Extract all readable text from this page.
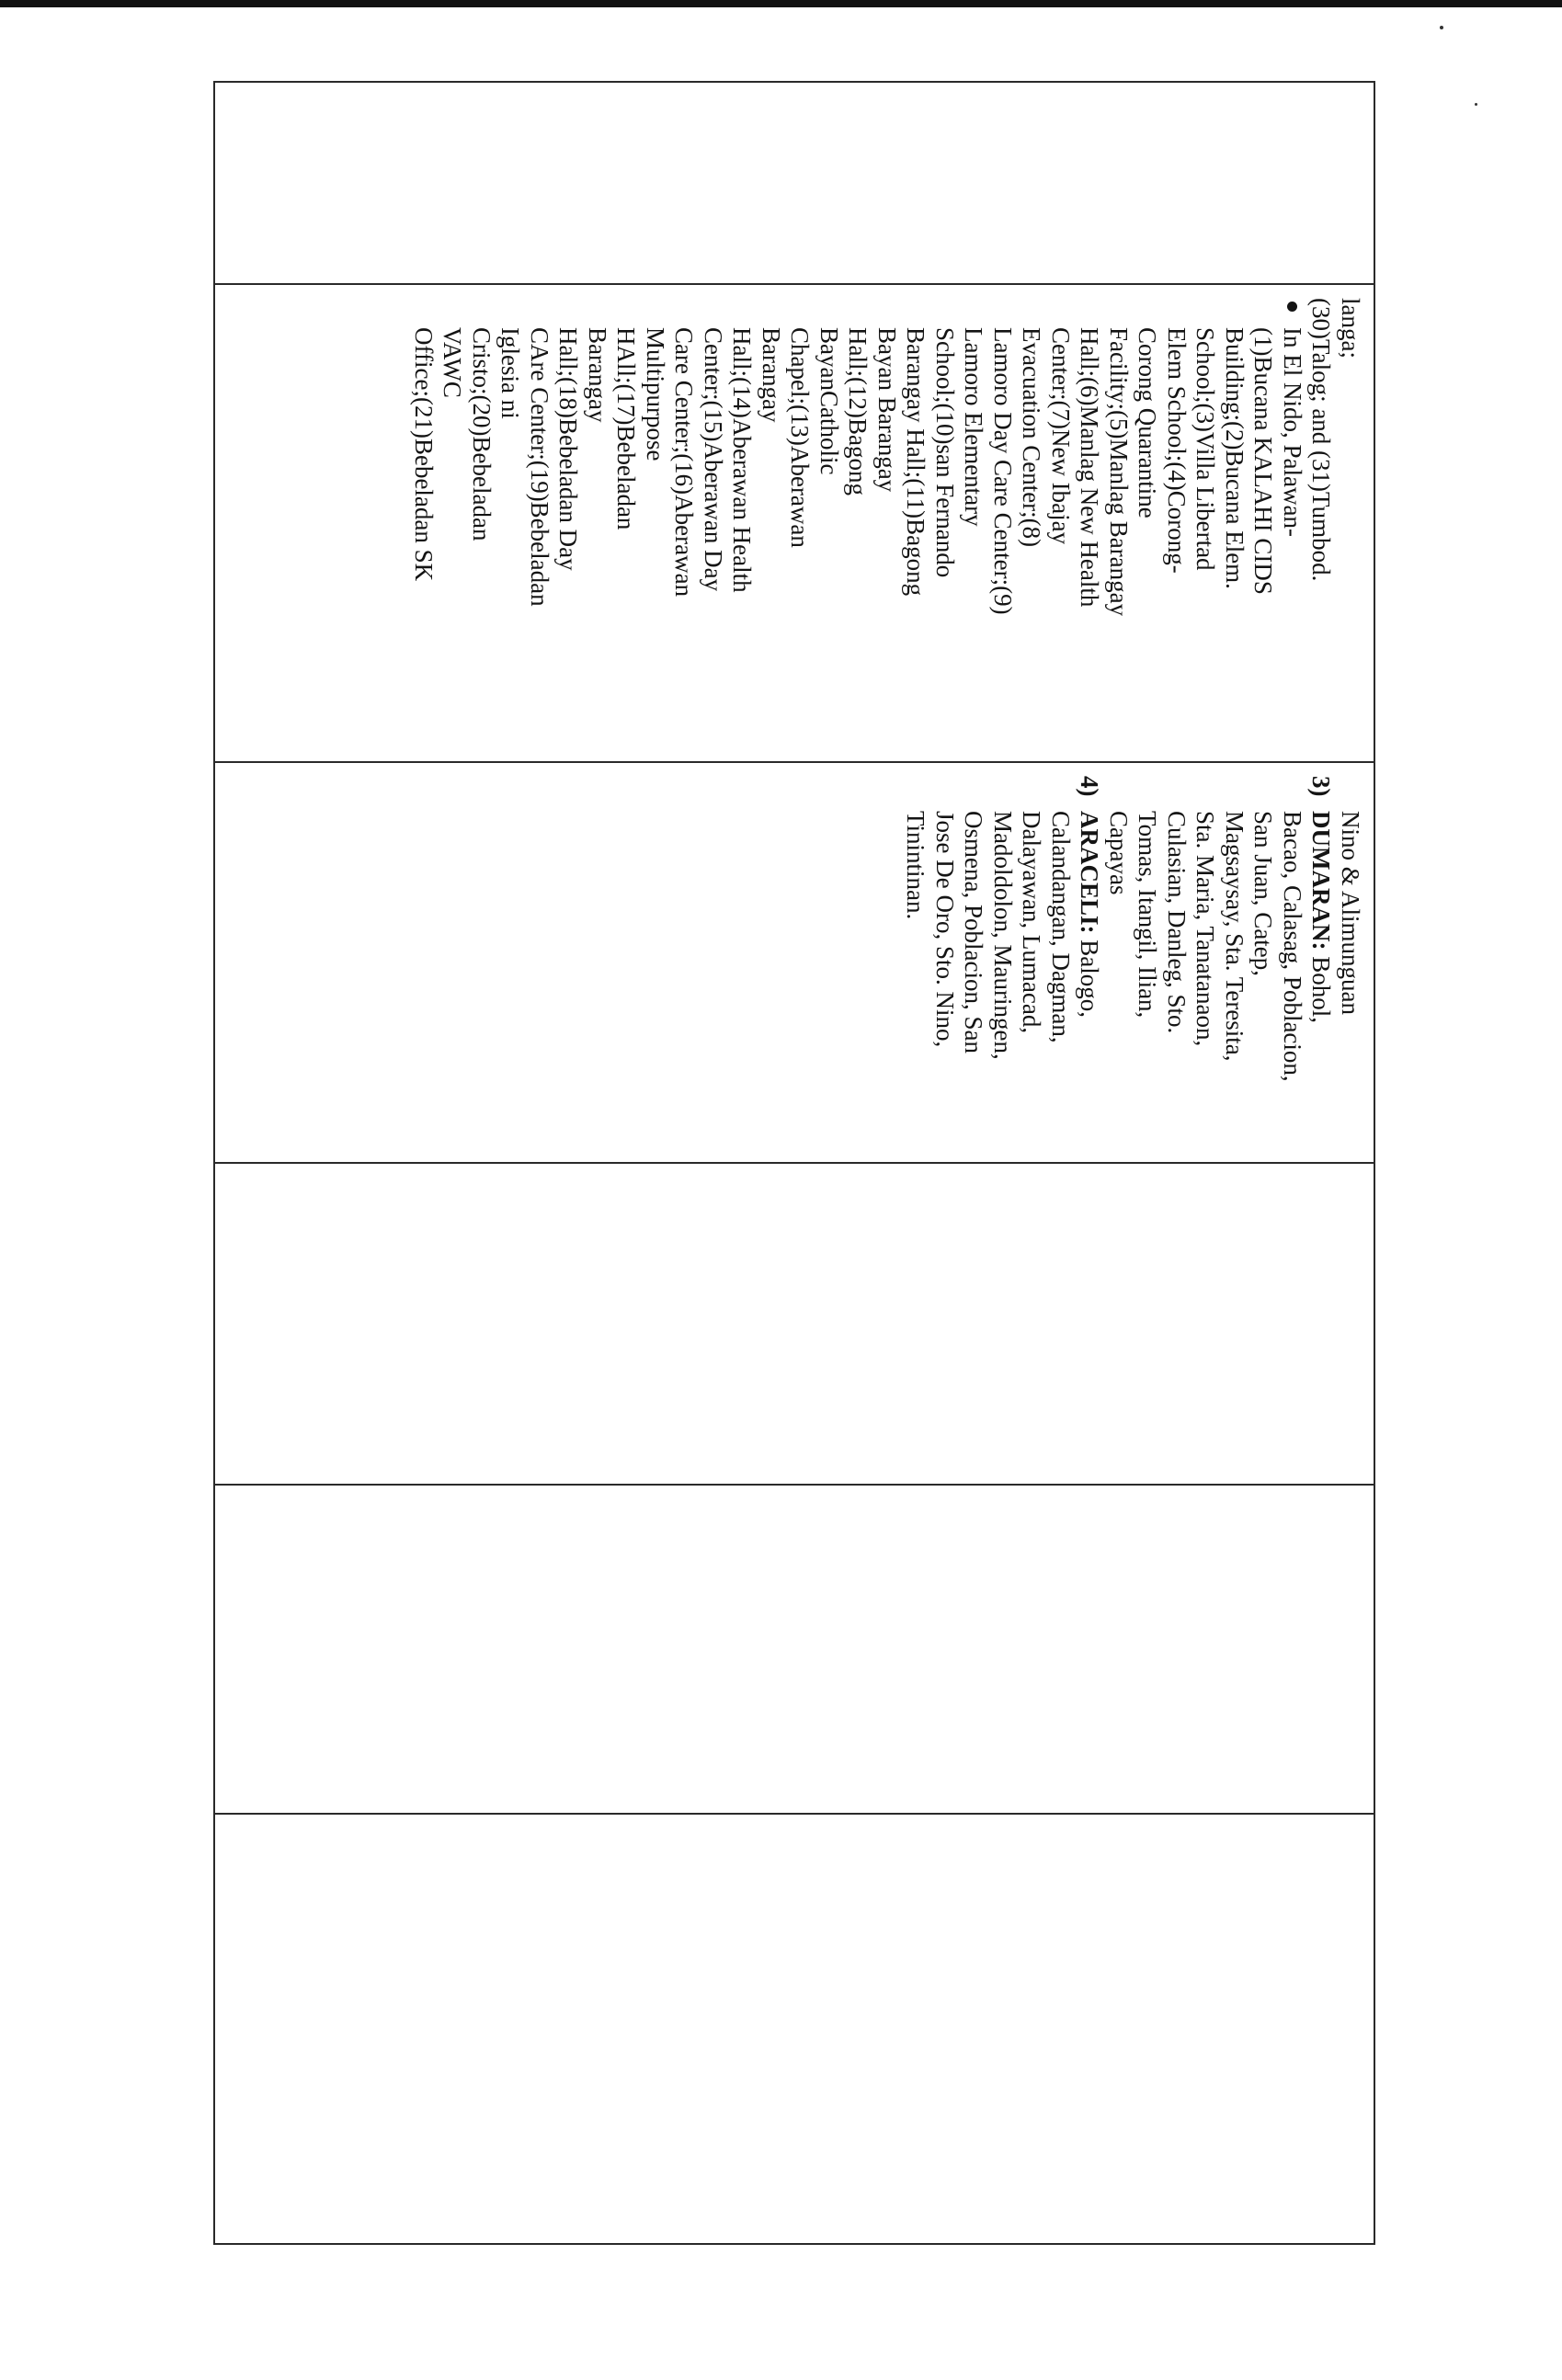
langa;
(30)Talog; and (31)Tumbod.
In El Nido, Palawan-
(1)Bucana KALAHI CIDS
Building;(2)Bucana Elem.
School;(3)Villa Libertad
Elem School;(4)Corong-
Corong Quarantine
Facility;(5)Manlag Barangay
Hall;(6)Manlag New Health
Center;(7)New Ibajay
Evacuation Center;(8)
Lamoro Day Care Center;(9)
Lamoro Elementary
School;(10)san Fernando
Barangay Hall;(11)Bagong
Bayan Barangay
Hall;(12)Bagong
BayanCatholic
Chapel;(13)Aberawan
Barangay
Hall;(14)Aberawan Health
Center;(15)Aberawan Day
Care Center;(16)Aberawan
Multipurpose
HAll;(17)Bebeladan
Barangay
Hall;(18)Bebeladan Day
CAre Center;(19)Bebeladan
Iglesia ni
Cristo;(20)Bebeladan
VAWC
Office;(21)Bebeladan SK

Nino & Alimunguan
3)
DUMARAN: Bohol,
Bacao, Calasag, Poblacion,
San Juan, Catep,
Magsaysay, Sta. Teresita,
Sta. Maria, Tanatanaon,
Culasian, Danleg, Sto.
Tomas, Itangil, Ilian,
Capayas
4)
ARACELI: Balogo,
Calandangan, Dagman,
Dalayawan, Lumacad,
Madoldolon, Mauringen,
Osmena, Poblacion, San
Jose De Oro, Sto. Nino,
Tinintinan.
